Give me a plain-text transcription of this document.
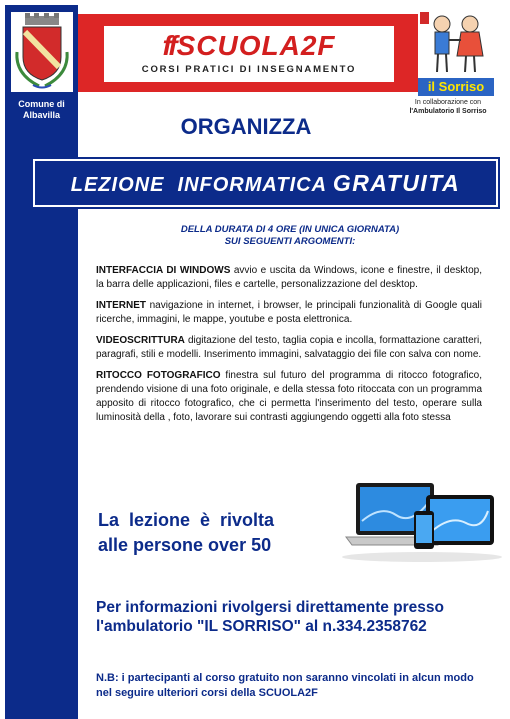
Comune di
Albavilla
ffSCUOLA2F
CORSI PRATICI DI INSEGNAMENTO
il Sorriso
In collaborazione con
l'Ambulatorio Il Sorriso
ORGANIZZA
LEZIONE  INFORMATICA GRATUITA
DELLA DURATA DI 4 ORE (IN UNICA GIORNATA)
SUI SEGUENTI ARGOMENTI:

INTERFACCIA DI WINDOWS avvio e uscita da Windows, icone e finestre, il desktop, la barra delle applicazioni, files e cartelle, personalizzazione del desktop.

INTERNET navigazione in internet, i browser, le principali funzionalità di Google quali ricerche, immagini, le mappe, youtube e posta elettronica.

VIDEOSCRITTURA digitazione del testo, taglia copia e incolla, formattazione caratteri, paragrafi, stili e modelli. Inserimento immagini, salvataggio dei file con salva con nome.

RITOCCO FOTOGRAFICO finestra sul futuro del programma di ritocco fotografico, prendendo visione di una foto originale, e della stessa foto ritoccata con un programma apposito di ritocco fotografico, che ci permetta l'inserimento del testo, operare sulla luminosità della , foto, lavorare sui contrasti aggiungendo oggetti alla foto stessa

La  lezione  è  rivolta
alle persone over 50
Per informazioni rivolgersi direttamente presso
l'ambulatorio "IL SORRISO" al n.334.2358762
N.B: i partecipanti al corso gratuito non saranno vincolati in alcun modo nel seguire ulteriori corsi della SCUOLA2F
